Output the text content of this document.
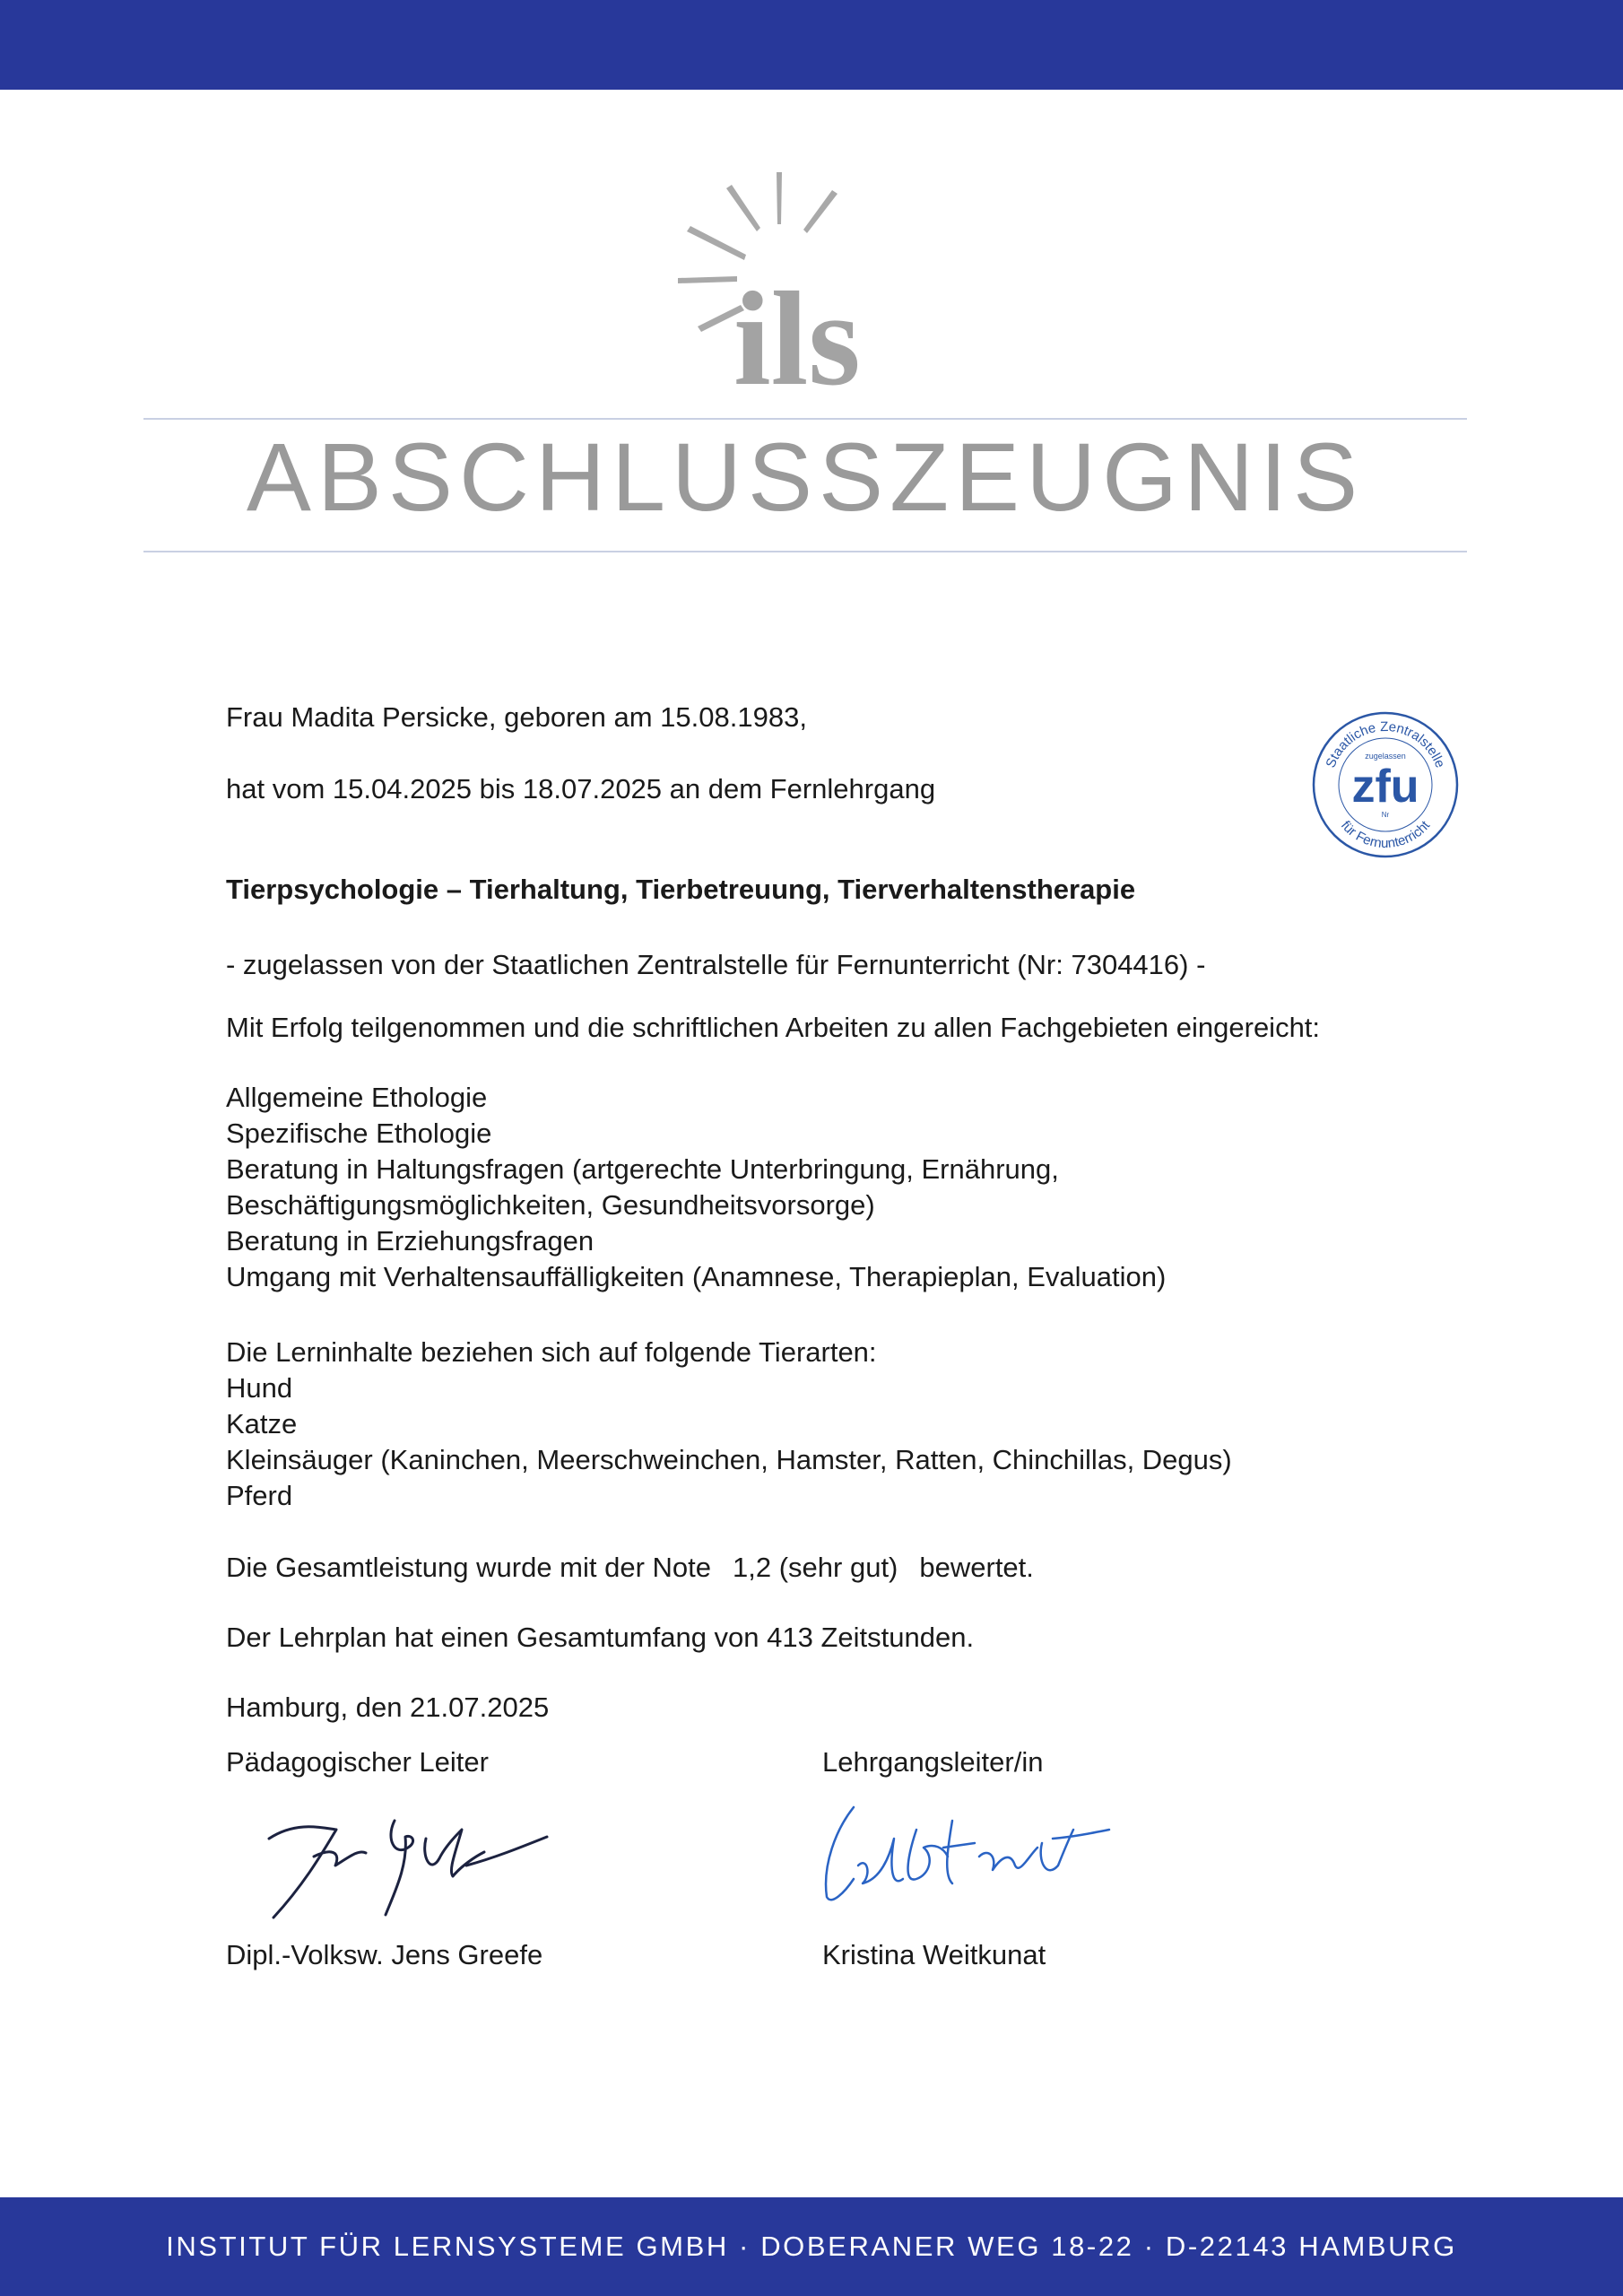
ils
ABSCHLUSSZEUGNIS
Staatliche Zentralstelle
für Fernunterricht
zugelassen
zfu
Nr
Frau Madita Persicke, geboren am 15.08.1983,
hat vom 15.04.2025 bis 18.07.2025 an dem Fernlehrgang
Tierpsychologie – Tierhaltung, Tierbetreuung, Tierverhaltenstherapie
- zugelassen von der Staatlichen Zentralstelle für Fernunterricht (Nr: 7304416) -
Mit Erfolg teilgenommen und die schriftlichen Arbeiten zu allen Fachgebieten eingereicht:
Allgemeine Ethologie
Spezifische Ethologie
Beratung in Haltungsfragen (artgerechte Unterbringung, Ernährung,
Beschäftigungsmöglichkeiten, Gesundheitsvorsorge)
Beratung in Erziehungsfragen
Umgang mit Verhaltensauffälligkeiten (Anamnese, Therapieplan, Evaluation)
Die Lerninhalte beziehen sich auf folgende Tierarten:
Hund
Katze
Kleinsäuger (Kaninchen, Meerschweinchen, Hamster, Ratten, Chinchillas, Degus)
Pferd
Die Gesamtleistung wurde mit der Note 1,2 (sehr gut) bewertet.
Der Lehrplan hat einen Gesamtumfang von 413 Zeitstunden.
Hamburg, den 21.07.2025
Pädagogischer Leiter	Lehrgangsleiter/in
Dipl.-Volksw. Jens Greefe	Kristina Weitkunat
INSTITUT FÜR LERNSYSTEME GMBH · DOBERANER WEG 18-22 · D-22143 HAMBURG
